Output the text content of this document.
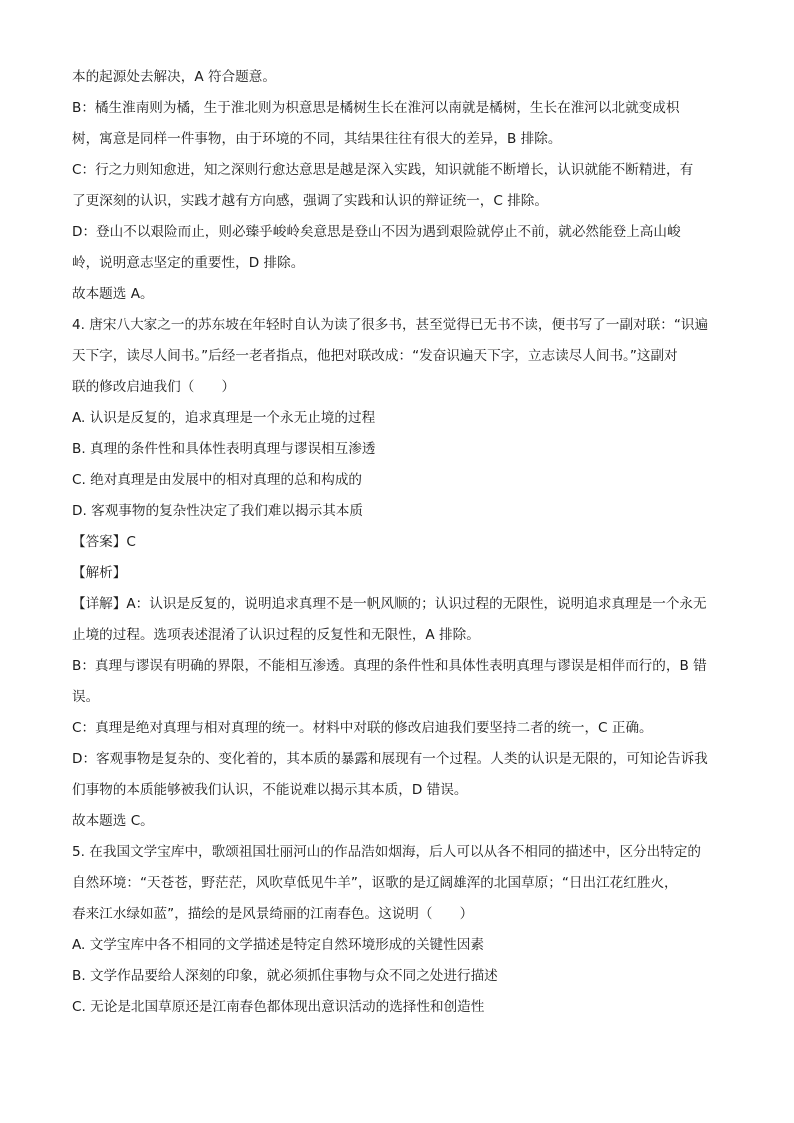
本的起源处去解决，A 符合题意。
B：橘生淮南则为橘，生于淮北则为枳意思是橘树生长在淮河以南就是橘树，生长在淮河以北就变成枳
树，寓意是同样一件事物，由于环境的不同，其结果往往有很大的差异，B 排除。
C：行之力则知愈进，知之深则行愈达意思是越是深入实践，知识就能不断增长，认识就能不断精进，有
了更深刻的认识，实践才越有方向感，强调了实践和认识的辩证统一，C 排除。
D：登山不以艰险而止，则必臻乎峻岭矣意思是登山不因为遇到艰险就停止不前，就必然能登上高山峻
岭，说明意志坚定的重要性，D 排除。
故本题选 A。
4. 唐宋八大家之一的苏东坡在年轻时自认为读了很多书，甚至觉得已无书不读，便书写了一副对联：“识遍
天下字，读尽人间书。”后经一老者指点，他把对联改成：“发奋识遍天下字，立志读尽人间书。”这副对
联的修改启迪我们（　　）
A. 认识是反复的，追求真理是一个永无止境的过程
B. 真理的条件性和具体性表明真理与谬误相互渗透
C. 绝对真理是由发展中的相对真理的总和构成的
D. 客观事物的复杂性决定了我们难以揭示其本质
【答案】C
【解析】
【详解】A：认识是反复的，说明追求真理不是一帆风顺的；认识过程的无限性，说明追求真理是一个永无
止境的过程。选项表述混淆了认识过程的反复性和无限性，A 排除。
B：真理与谬误有明确的界限，不能相互渗透。真理的条件性和具体性表明真理与谬误是相伴而行的，B 错
误。
C：真理是绝对真理与相对真理的统一。材料中对联的修改启迪我们要坚持二者的统一，C 正确。
D：客观事物是复杂的、变化着的，其本质的暴露和展现有一个过程。人类的认识是无限的，可知论告诉我
们事物的本质能够被我们认识，不能说难以揭示其本质，D 错误。
故本题选 C。
5. 在我国文学宝库中，歌颂祖国壮丽河山的作品浩如烟海，后人可以从各不相同的描述中，区分出特定的
自然环境：“天苍苍，野茫茫，风吹草低见牛羊”，讴歌的是辽阔雄浑的北国草原；“日出江花红胜火，
春来江水绿如蓝”，描绘的是风景绮丽的江南春色。这说明（　　）
A. 文学宝库中各不相同的文学描述是特定自然环境形成的关键性因素
B. 文学作品要给人深刻的印象，就必须抓住事物与众不同之处进行描述
C. 无论是北国草原还是江南春色都体现出意识活动的选择性和创造性
